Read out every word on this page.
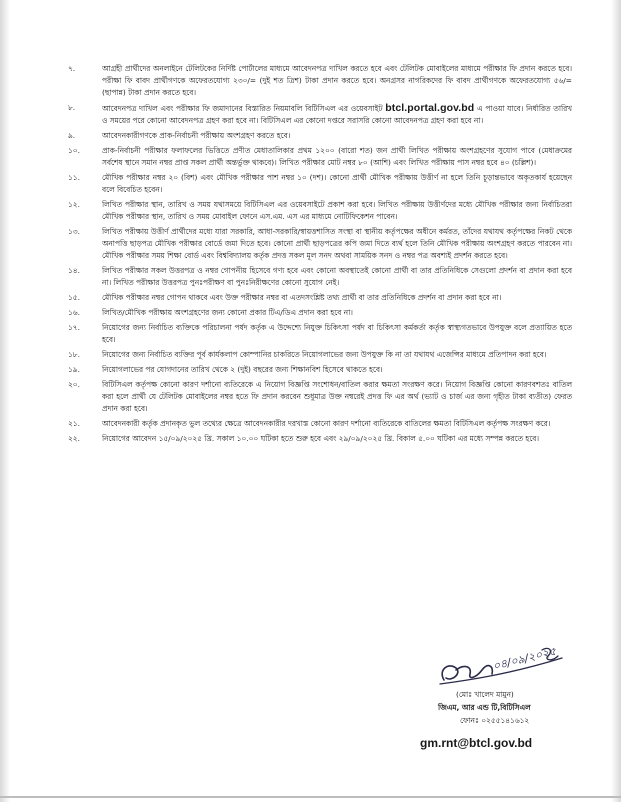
৭.	আগ্রহী প্রার্থীদের অনলাইনে টেলিটকের নির্দিষ্ট পোর্টালের মাধ্যমে আবেদনপত্র দাখিল করতে হবে এবং টেলিটক মোবাইলের মাধ্যমে পরীক্ষার ফি প্রদান করতে হবে। পরীক্ষা ফি বাবদ প্রার্থীগণকে অফেরতযোগ্য ২৩০/= (দুই শত ত্রিশ) টাকা প্রদান করতে হবে। অনগ্রসর নাগরিকদের ফি বাবদ প্রার্থীগণকে অফেরতযোগ্য ৫৬/= (ছাপান্ন) টাকা প্রদান করতে হবে।
৮.	আবেদনপত্র দাখিল এবং পরীক্ষার ফি জমাদানের বিস্তারিত নিয়মাবলি বিটিসিএল এর ওয়েবসাইট btcl.portal.gov.bd এ পাওয়া যাবে। নির্ধারিত তারিখ ও সময়ের পরে কোনো আবেদনপত্র গ্রহণ করা হবে না। বিটিসিএল এর কোনো দপ্তরে সরাসরি কোনো আবেদনপত্র গ্রহণ করা হবে না।
৯.	আবেদনকারীগণকে প্রাক-নির্বাচনী পরীক্ষায় অংশগ্রহণ করতে হবে।
১০.	প্রাক-নির্বাচনী পরীক্ষার ফলাফলের ভিত্তিতে প্রণীত মেধাতালিকার প্রথম ১২০০ (বারো শত) জন প্রার্থী লিখিত পরীক্ষায় অংশগ্রহণের সুযোগ পাবে (মেধাক্রমের সর্বশেষ স্থানে সমান নম্বর প্রাপ্ত সকল প্রার্থী অন্তর্ভুক্ত থাকবে)। লিখিত পরীক্ষার মোট নম্বর ৮০ (আশি) এবং লিখিত পরীক্ষায় পাস নম্বর হবে ৪০ (চল্লিশ)।
১১.	মৌখিক পরীক্ষার নম্বর ২০ (বিশ) এবং মৌখিক পরীক্ষার পাশ নম্বর ১০ (দশ)। কোনো প্রার্থী মৌখিক পরীক্ষায় উত্তীর্ণ না হলে তিনি চূড়ান্তভাবে অকৃতকার্য হয়েছেন বলে বিবেচিত হবেন।
১২.	লিখিত পরীক্ষার স্থান, তারিখ ও সময় যথাসময়ে বিটিসিএল এর ওয়েবসাইটে প্রকাশ করা হবে। লিখিত পরীক্ষায় উত্তীর্ণদের মধ্যে মৌখিক পরীক্ষার জন্য নির্বাচিতরা মৌখিক পরীক্ষার স্থান, তারিখ ও সময় মোবাইল ফোনে এস.এম. এস এর মাধ্যমে নোটিফিকেশন পাবেন।
১৩.	লিখিত পরীক্ষায় উত্তীর্ণ প্রার্থীদের মধ্যে যারা সরকারি, আধা-সরকারি/স্বায়ত্তশাসিত সংস্থা বা স্থানীয় কর্তৃপক্ষের অধীনে কর্মরত, তাঁদের যথাযথ কর্তৃপক্ষের নিকট থেকে অনাপত্তি ছাড়পত্র মৌখিক পরীক্ষার বোর্ডে জমা দিতে হবে। কোনো প্রার্থী ছাড়পত্রের কপি জমা দিতে ব্যর্থ হলে তিনি মৌখিক পরীক্ষায় অংশগ্রহণ করতে পারবেন না। মৌখিক পরীক্ষার সময় শিক্ষা বোর্ড এবং বিশ্ববিদ্যালয় কর্তৃক প্রদত্ত সকল মূল সনদ অথবা সাময়িক সনদ ও নম্বর পত্র অবশ্যই প্রদর্শন করতে হবে।
১৪.	লিখিত পরীক্ষার সকল উত্তরপত্র ও নম্বর গোপনীয় হিসেবে গণ্য হবে এবং কোনো অবস্থাতেই কোনো প্রার্থী বা তার প্রতিনিধিকে সেগুলো প্রদর্শন বা প্রদান করা হবে না। লিখিত পরীক্ষার উত্তরপত্র পুনঃপরীক্ষণ বা পুনঃনিরীক্ষণের কোনো সুযোগ নেই।
১৫.	মৌখিক পরীক্ষার নম্বর গোপন থাকবে এবং উক্ত পরীক্ষার নম্বর বা এতদসংশ্লিষ্ট তথ্য প্রার্থী বা তার প্রতিনিধিকে প্রদর্শন বা প্রদান করা হবে না।
১৬.	লিখিত/মৌখিক পরীক্ষায় অংশগ্রহণের জন্য কোনো প্রকার টিএ/ডিএ প্রদান করা হবে না।
১৭.	নিয়োগের জন্য নির্বাচিত ব্যক্তিকে পরিচালনা পর্ষদ কর্তৃক এ উদ্দেশ্যে নিযুক্ত চিকিৎসা পর্ষদ বা চিকিৎসা কর্মকর্তা কর্তৃক স্বাস্থ্যগতভাবে উপযুক্ত বলে প্রত্যায়িত হতে হবে।
১৮.	নিয়োগের জন্য নির্বাচিত ব্যক্তির পূর্ব কার্যকলাপ কোম্পানির চাকরিতে নিয়োগলাভের জন্য উপযুক্ত কি না তা যথাযথ এজেন্সির মাধ্যমে প্রতিপাদন করা হবে।
১৯.	নিয়োগলাভের পর যোগদানের তারিখ থেকে ২ (দুই) বছরের জন্য শিক্ষানবিশ হিসেবে থাকতে হবে।
২০.	বিটিসিএল কর্তৃপক্ষ কোনো কারণ দর্শানো ব্যতিরেকে এ নিয়োগ বিজ্ঞপ্তি সংশোধন/বাতিল করার ক্ষমতা সংরক্ষণ করে। নিয়োগ বিজ্ঞপ্তি কোনো কারণবশতঃ বাতিল করা হলে প্রার্থী যে টেলিটক মোবাইলের নম্বর হতে ফি প্রদান করবেন শুধুমাত্র উক্ত নম্বরেই প্রদত্ত ফি এর অর্থ (ভ্যাট ও চার্জ এর জন্য গৃহীত টাকা ব্যতীত) ফেরত প্রদান করা হবে।
২১.	আবেদনকারী কর্তৃক প্রদানকৃত ভুল তথ্যের ক্ষেত্রে আবেদনকারীর দরখাস্ত কোনো কারণ দর্শানো ব্যতিরেকে বাতিলের ক্ষমতা বিটিসিএল কর্তৃপক্ষ সংরক্ষণ করে।
২২.	নিয়োগের আবেদন ১৫/০৯/২০২৫ খ্রি. সকাল ১০.০০ ঘটিকা হতে শুরু হবে এবং ২৯/০৯/২০২৫ খ্রি. বিকাল ৫.০০ ঘটিকা এর মধ্যে সম্পন্ন করতে হবে।
০৪/০৯/২০২৫
(মোঃ খালেদ মামুন)
জিএম, আর এন্ড টি,বিটিসিএল
ফোনঃ ০২৫৫১৪১৬১২
gm.rnt@btcl.gov.bd
